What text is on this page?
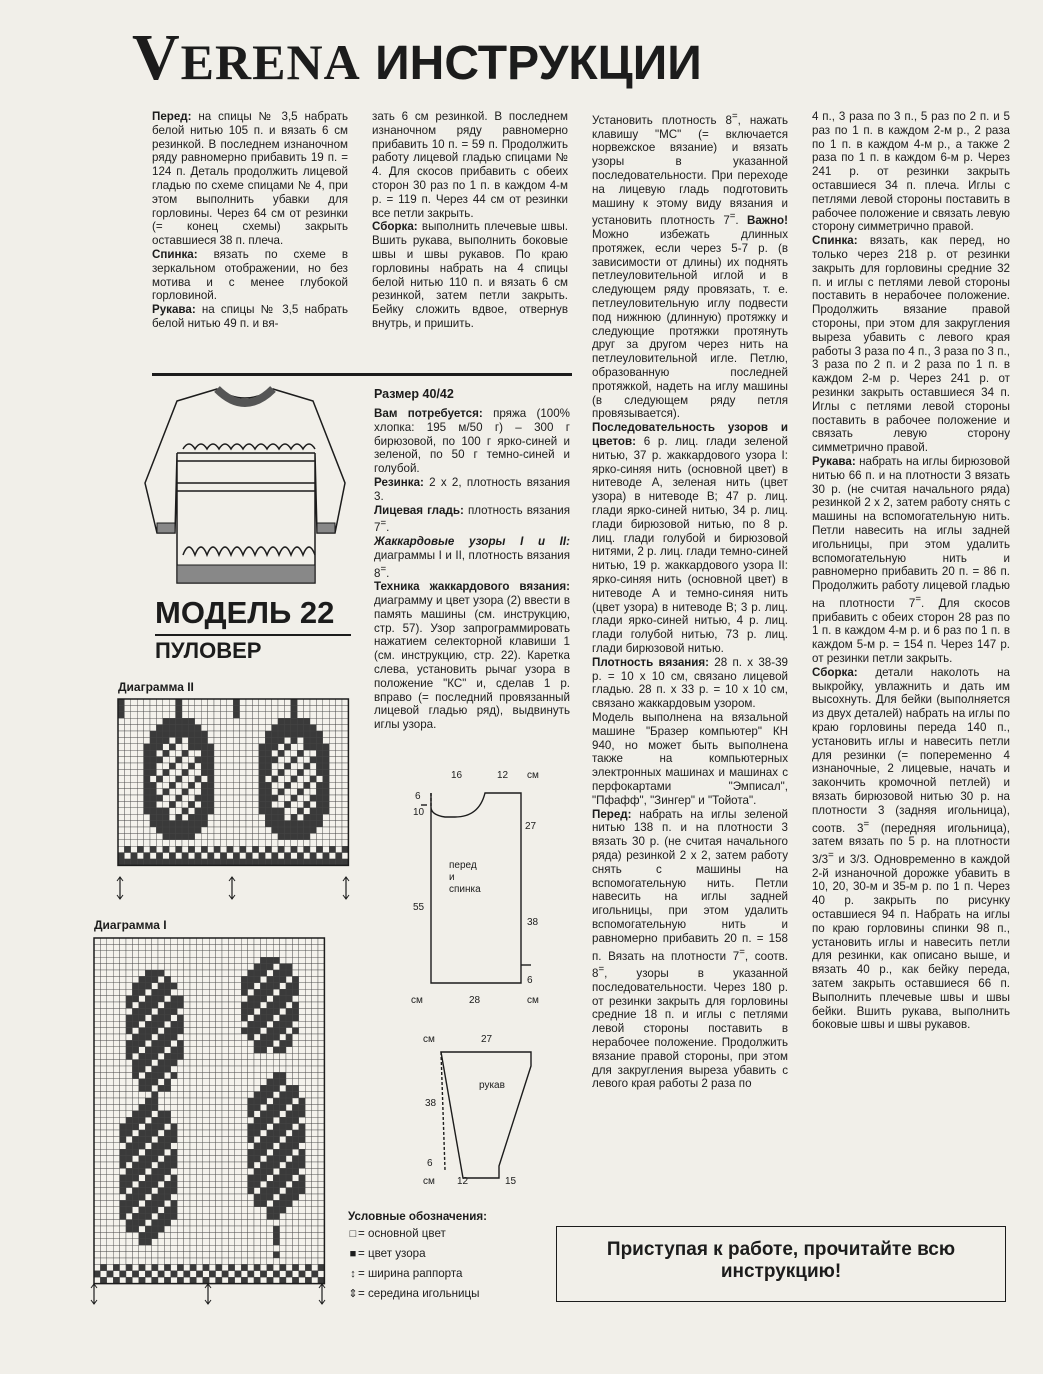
VERENA ИНСТРУКЦИИ

Перед: на спицы № 3,5 набрать белой нитью 105 п. и вязать 6 см резинкой. В последнем изнаночном ряду равномерно прибавить 19 п. = 124 п. Деталь продолжить лицевой гладью по схеме спицами № 4, при этом выполнить убавки для горловины. Через 64 см от резинки (= конец схемы) закрыть оставшиеся 38 п. плеча.

Спинка: вязать по схеме в зеркальном отображении, но без мотива и с менее глубокой горловиной.

Рукава: на спицы № 3,5 набрать белой нитью 49 п. и вя-

зать 6 см резинкой. В последнем изнаночном ряду равномерно прибавить 10 п. = 59 п. Продолжить работу лицевой гладью спицами № 4. Для скосов прибавить с обеих сторон 30 раз по 1 п. в каждом 4-м р. = 119 п. Через 44 см от резинки все петли закрыть.

Сборка: выполнить плечевые швы. Вшить рукава, выполнить боковые швы и швы рукавов. По краю горловины набрать на 4 спицы белой нитью 110 п. и вязать 6 см резинкой, затем петли закрыть. Бейку сложить вдвое, отвернув внутрь, и пришить.

МОДЕЛЬ 22
ПУЛОВЕР
Диаграмма II
Диаграмма I
Размер 40/42

Вам потребуется: пряжа (100% хлопка: 195 м/50 г) – 300 г бирюзовой, по 100 г ярко-синей и зеленой, по 50 г темно-синей и голубой.

Резинка: 2 х 2, плотность вязания 3.

Лицевая гладь: плотность вязания 7=.

Жаккардовые узоры I и II: диаграммы I и II, плотность вязания 8=.

Техника жаккардового вязания: диаграмму и цвет узора (2) ввести в память машины (см. инструкцию, стр. 57). Узор запрограммировать нажатием селекторной клавиши 1 (см. инструкцию, стр. 22). Каретка слева, установить рычаг узора в положение "КС" и, сделав 1 р. вправо (= последний провязанный лицевой гладью ряд), выдвинуть иглы узора.

16	12 см
6
10
55
27
38
6
см	28	см
перед
и
спинка
см	27
38
6
см 12	15
рукав
Условные обозначения:
□ = основной цвет
■ = цвет узора
↕ = ширина раппорта
⇕= середина игольницы

Установить плотность 8=, нажать клавишу "МС" (= включается норвежское вязание) и вязать узоры в указанной последовательности. При переходе на лицевую гладь подготовить машину к этому виду вязания и установить плотность 7=. Важно! Можно избежать длинных протяжек, если через 5-7 р. (в зависимости от длины) их поднять петлеуловительной иглой и в следующем ряду провязать, т. е. петлеуловительную иглу подвести под нижнюю (длинную) протяжку и следующие протяжки протянуть друг за другом через нить на петлеуловительной игле. Петлю, образованную последней протяжкой, надеть на иглу машины (в следующем ряду петля провязывается).

Последовательность узоров и цветов: 6 р. лиц. глади зеленой нитью, 37 р. жаккардового узора I: ярко-синяя нить (основной цвет) в нитеводе А, зеленая нить (цвет узора) в нитеводе В; 47 р. лиц. глади ярко-синей нитью, 34 р. лиц. глади бирюзовой нитью, по 8 р. лиц. глади голубой и бирюзовой нитями, 2 р. лиц. глади темно-синей нитью, 19 р. жаккардового узора II: ярко-синяя нить (основной цвет) в нитеводе А и темно-синяя нить (цвет узора) в нитеводе В; 3 р. лиц. глади ярко-синей нитью, 4 р. лиц. глади голубой нитью, 73 р. лиц. глади бирюзовой нитью.

Плотность вязания: 28 п. х 38-39 р. = 10 х 10 см, связано лицевой гладью. 28 п. х 33 р. = 10 х 10 см, связано жаккардовым узором.

Модель выполнена на вязальной машине "Бразер компьютер" КН 940, но может быть выполнена также на компьютерных электронных машинах и машинах с перфокартами "Эмписал", "Пфафф", "Зингер" и "Тойота".

Перед: набрать на иглы зеленой нитью 138 п. и на плотности 3 вязать 30 р. (не считая начального ряда) резинкой 2 х 2, затем работу снять с машины на вспомогательную нить. Петли навесить на иглы задней игольницы, при этом удалить вспомогательную нить и равномерно прибавить 20 п. = 158 п. Вязать на плотности 7=, соотв. 8=, узоры в указанной последовательности. Через 180 р. от резинки закрыть для горловины средние 18 п. и иглы с петлями левой стороны поставить в нерабочее положение. Продолжить вязание правой стороны, при этом для закругления выреза убавить с левого края работы 2 раза по

4 п., 3 раза по 3 п., 5 раз по 2 п. и 5 раз по 1 п. в каждом 2-м р., 2 раза по 1 п. в каждом 4-м р., а также 2 раза по 1 п. в каждом 6-м р. Через 241 р. от резинки закрыть оставшиеся 34 п. плеча. Иглы с петлями левой стороны поставить в рабочее положение и связать левую сторону симметрично правой.

Спинка: вязать, как перед, но только через 218 р. от резинки закрыть для горловины средние 32 п. и иглы с петлями левой стороны поставить в нерабочее положение. Продолжить вязание правой стороны, при этом для закругления выреза убавить с левого края работы 3 раза по 4 п., 3 раза по 3 п., 3 раза по 2 п. и 2 раза по 1 п. в каждом 2-м р. Через 241 р. от резинки закрыть оставшиеся 34 п. Иглы с петлями левой стороны поставить в рабочее положение и связать левую сторону симметрично правой.

Рукава: набрать на иглы бирюзовой нитью 66 п. и на плотности 3 вязать 30 р. (не считая начального ряда) резинкой 2 х 2, затем работу снять с машины на вспомогательную нить. Петли навесить на иглы задней игольницы, при этом удалить вспомогательную нить и равномерно прибавить 20 п. = 86 п. Продолжить работу лицевой гладью на плотности 7=. Для скосов прибавить с обеих сторон 28 раз по 1 п. в каждом 4-м р. и 6 раз по 1 п. в каждом 5-м р. = 154 п. Через 147 р. от резинки петли закрыть.

Сборка: детали наколоть на выкройку, увлажнить и дать им высохнуть. Для бейки (выполняется из двух деталей) набрать на иглы по краю горловины переда 140 п., установить иглы и навесить петли для резинки (= попеременно 4 изнаночные, 2 лицевые, начать и закончить кромочной петлей) и вязать бирюзовой нитью 30 р. на плотности 3 (задняя игольница), соотв. 3= (передняя игольница), затем вязать по 5 р. на плотности 3/3= и 3/3. Одновременно в каждой 2-й изнаночной дорожке убавить в 10, 20, 30-м и 35-м р. по 1 п. Через 40 р. закрыть по рисунку оставшиеся 94 п. Набрать на иглы по краю горловины спинки 98 п., установить иглы и навесить петли для резинки, как описано выше, и вязать 40 р., как бейку переда, затем закрыть оставшиеся 66 п. Выполнить плечевые швы и швы бейки. Вшить рукава, выполнить боковые швы и швы рукавов.

Приступая к работе, прочитайте всю
инструкцию!
